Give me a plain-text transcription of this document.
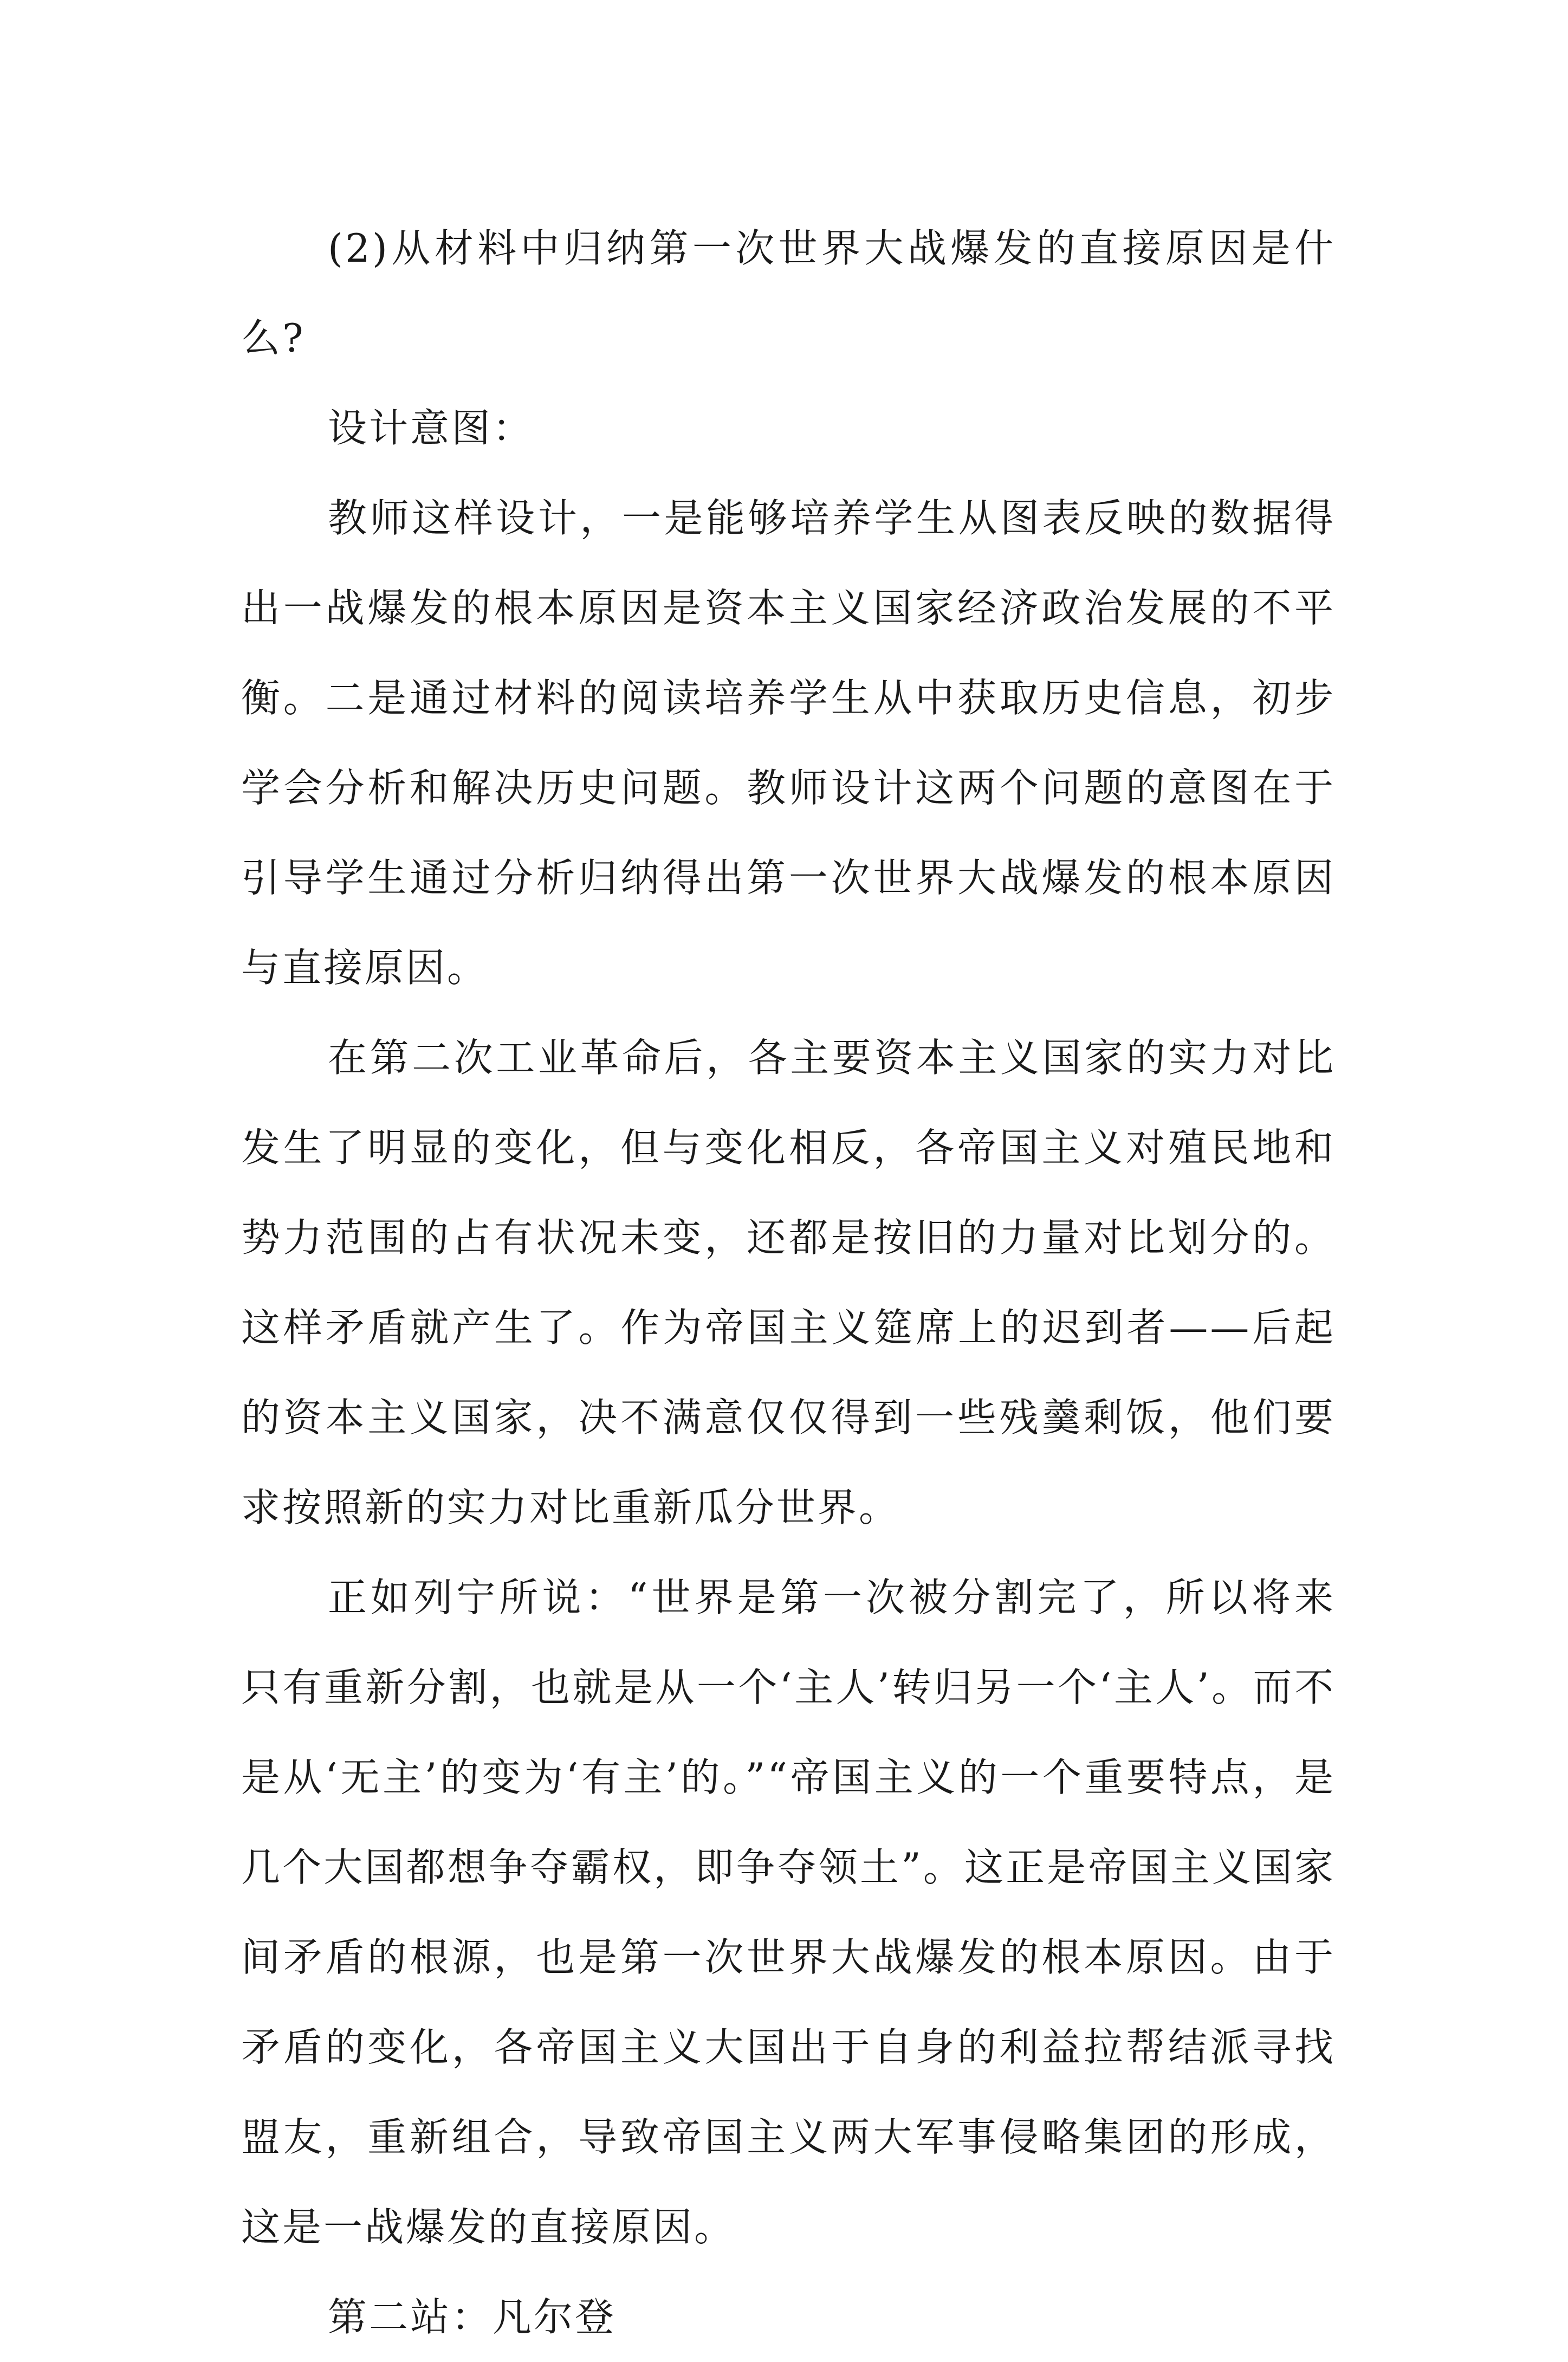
(2)从材料中归纳第一次世界大战爆发的直接原因是什么?

设计意图：

教师这样设计，一是能够培养学生从图表反映的数据得出一战爆发的根本原因是资本主义国家经济政治发展的不平衡。二是通过材料的阅读培养学生从中获取历史信息，初步学会分析和解决历史问题。教师设计这两个问题的意图在于引导学生通过分析归纳得出第一次世界大战爆发的根本原因与直接原因。

在第二次工业革命后，各主要资本主义国家的实力对比发生了明显的变化，但与变化相反，各帝国主义对殖民地和势力范围的占有状况未变，还都是按旧的力量对比划分的。这样矛盾就产生了。作为帝国主义筵席上的迟到者——后起的资本主义国家，决不满意仅仅得到一些残羹剩饭，他们要求按照新的实力对比重新瓜分世界。

正如列宁所说：“世界是第一次被分割完了，所以将来只有重新分割，也就是从一个‘主人’转归另一个‘主人’。而不是从‘无主’的变为‘有主’的。”“帝国主义的一个重要特点，是几个大国都想争夺霸权，即争夺领土”。这正是帝国主义国家间矛盾的根源，也是第一次世界大战爆发的根本原因。由于矛盾的变化，各帝国主义大国出于自身的利益拉帮结派寻找盟友，重新组合，导致帝国主义两大军事侵略集团的形成，这是一战爆发的直接原因。

第二站：凡尔登
